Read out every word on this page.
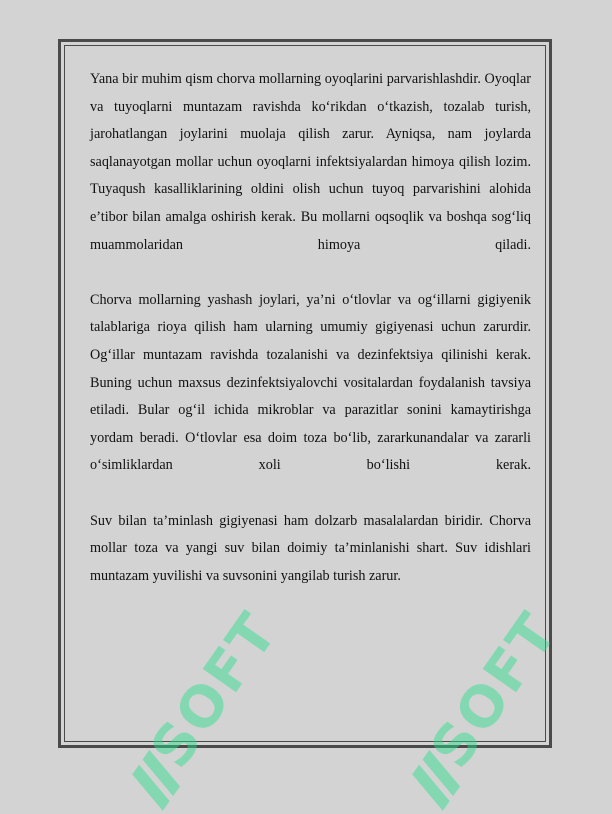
Yana bir muhim qism chorva mollarning oyoqlarini parvarishlashdir. Oyoqlar va tuyoqlarni muntazam ravishda ko‘rikdan o‘tkazish, tozalab turish, jarohatlangan joylarini muolaja qilish zarur. Ayniqsa, nam joylarda saqlanayotgan mollar uchun oyoqlarni infektsiyalardan himoya qilish lozim. Tuyaqush kasalliklarining oldini olish uchun tuyoq parvarishini alohida e’tibor bilan amalga oshirish kerak. Bu mollarni oqsoqlik va boshqa sog‘liq muammolaridan himoya qiladi.

Chorva mollarning yashash joylari, ya’ni o‘tlovlar va og‘illarni gigiyenik talablariga rioya qilish ham ularning umumiy gigiyenasi uchun zarurdir. Og‘illar muntazam ravishda tozalanishi va dezinfektsiya qilinishi kerak. Buning uchun maxsus dezinfektsiyalovchi vositalardan foydalanish tavsiya etiladi. Bular og‘il ichida mikroblar va parazitlar sonini kamaytirishga yordam beradi. O‘tlovlar esa doim toza bo‘lib, zararkunandalar va zararli o‘simliklardan xoli bo‘lishi kerak.

Suv bilan ta’minlash gigiyenasi ham dolzarb masalalardan biridir. Chorva mollar toza va yangi suv bilan doimiy ta’minlanishi shart. Suv idishlari muntazam yuvilishi va suvsonini yangilab turish zarur.

SOFT	SOFT
